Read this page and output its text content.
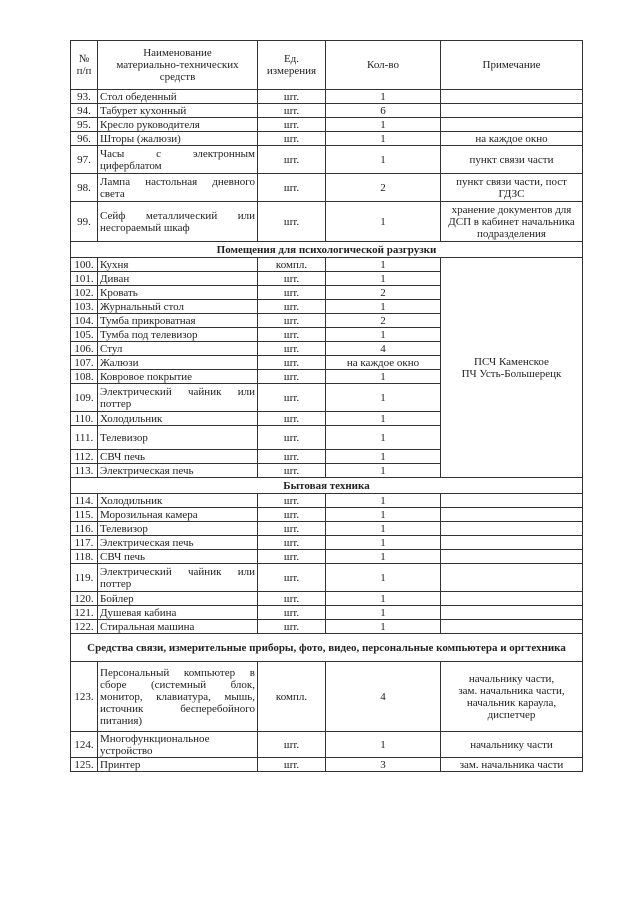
№
п/п	Наименование
материально-технических
средств	Ед.
измерения	Кол-во	Примечание
93.	Стол обеденный	шт.	1	
94.	Табурет кухонный	шт.	6	
95.	Кресло руководителя	шт.	1	
96.	Шторы (жалюзи)	шт.	1	на каждое окно
97.	Часы с электронным циферблатом	шт.	1	пункт связи части
98.	Лампа настольная дневного света	шт.	2	пункт связи части, пост ГДЗС
99.	Сейф металлический или несгораемый шкаф	шт.	1	хранение документов для ДСП в кабинет начальника подразделения
Помещения для психологической разгрузки				
100.	Кухня	компл.	1	ПСЧ Каменское
ПЧ Усть-Большерецк
101.	Диван	шт.	1	
102.	Кровать	шт.	2	
103.	Журнальный стол	шт.	1	
104.	Тумба прикроватная	шт.	2	
105.	Тумба под телевизор	шт.	1	
106.	Стул	шт.	4	
107.	Жалюзи	шт.	на каждое окно	
108.	Ковровое покрытие	шт.	1	
109.	Электрический чайник или поттер	шт.	1	
110.	Холодильник	шт.	1	
111.	Телевизор	шт.	1	
112.	СВЧ печь	шт.	1	
113.	Электрическая печь	шт.	1	
Бытовая техника				
114.	Холодильник	шт.	1	
115.	Морозильная камера	шт.	1	
116.	Телевизор	шт.	1	
117.	Электрическая печь	шт.	1	
118.	СВЧ печь	шт.	1	
119.	Электрический чайник или поттер	шт.	1	
120.	Бойлер	шт.	1	
121.	Душевая кабина	шт.	1	
122.	Стиральная машина	шт.	1	
Средства связи, измерительные приборы, фото, видео, персональные компьютера и оргтехника				
123.	Персональный компьютер в сборе (системный блок, монитор, клавиатура, мышь, источник бесперебойного питания)	компл.	4	начальнику части,
зам. начальника части,
начальник караула,
диспетчер
124.	Многофункциональное устройство	шт.	1	начальнику части
125.	Принтер	шт.	3	зам. начальника части
